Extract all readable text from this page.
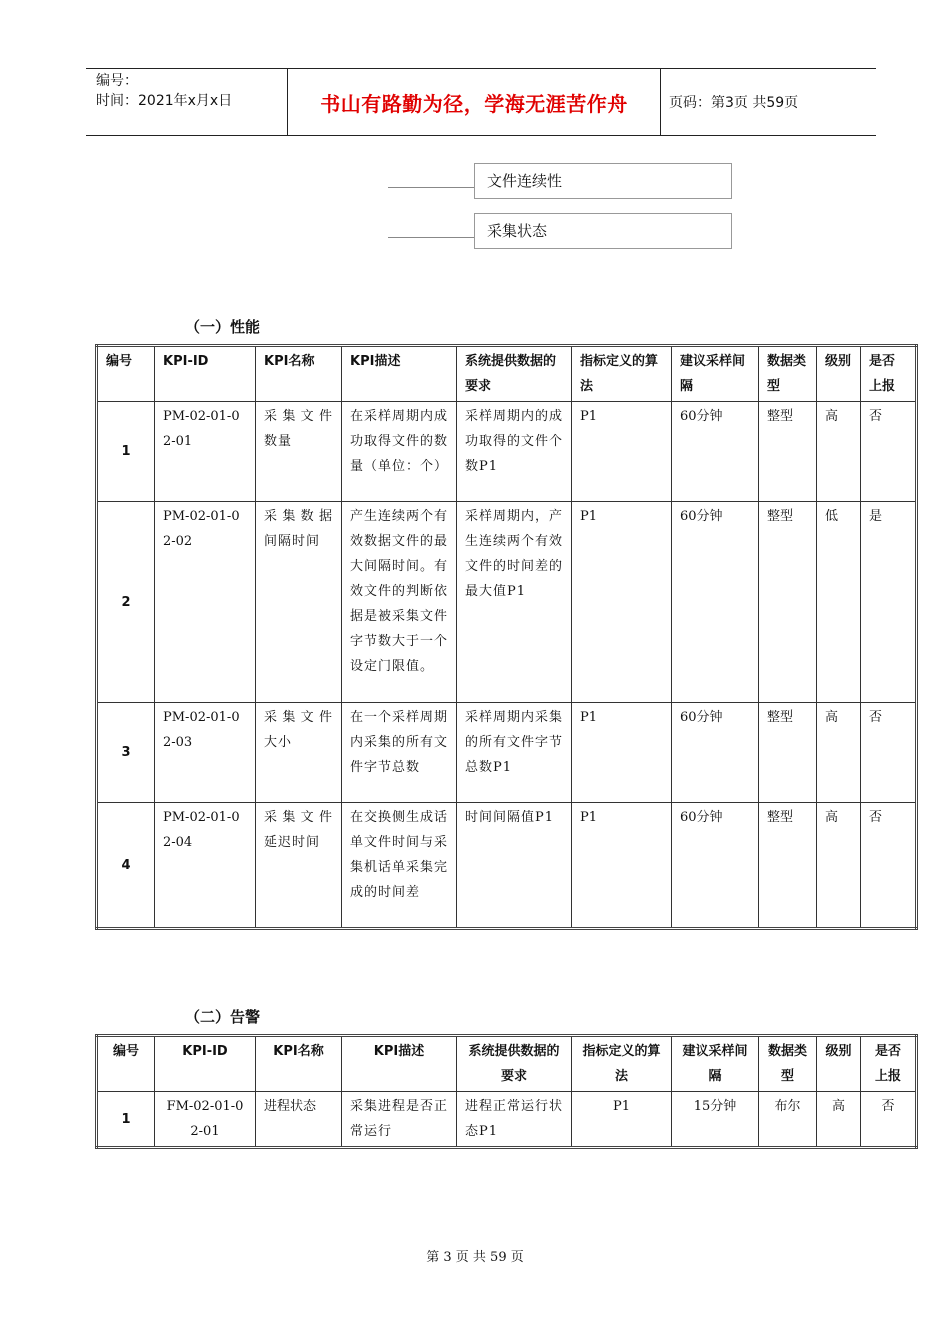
编号：
时间：2021年x月x日	书山有路勤为径，学海无涯苦作舟	页码：第3页 共59页
文件连续性
采集状态
（一）性能
编号	KPI-ID	KPI名称	KPI描述	系统提供数据的要求	指标定义的算法	建议采样间隔	数据类型	级别	是否上报
1	PM-02-01-02-01	采集文件数量	在采样周期内成功取得文件的数量（单位：个）	采样周期内的成功取得的文件个数P1	P1	60分钟	整型	高	否
2	PM-02-01-02-02	采集数据间隔时间	产生连续两个有效数据文件的最大间隔时间。有效文件的判断依据是被采集文件字节数大于一个设定门限值。	采样周期内，产生连续两个有效文件的时间差的最大值P1	P1	60分钟	整型	低	是
3	PM-02-01-02-03	采集文件大小	在一个采样周期内采集的所有文件字节总数	采样周期内采集的所有文件字节总数P1	P1	60分钟	整型	高	否
4	PM-02-01-02-04	采集文件延迟时间	在交换侧生成话单文件时间与采集机话单采集完成的时间差	时间间隔值P1	P1	60分钟	整型	高	否
（二）告警
编号	KPI-ID	KPI名称	KPI描述	系统提供数据的要求	指标定义的算法	建议采样间隔	数据类型	级别	是否上报
1	FM-02-01-02-01	进程状态	采集进程是否正常运行	进程正常运行状态P1	P1	15分钟	布尔	高	否
第 3 页 共 59 页
